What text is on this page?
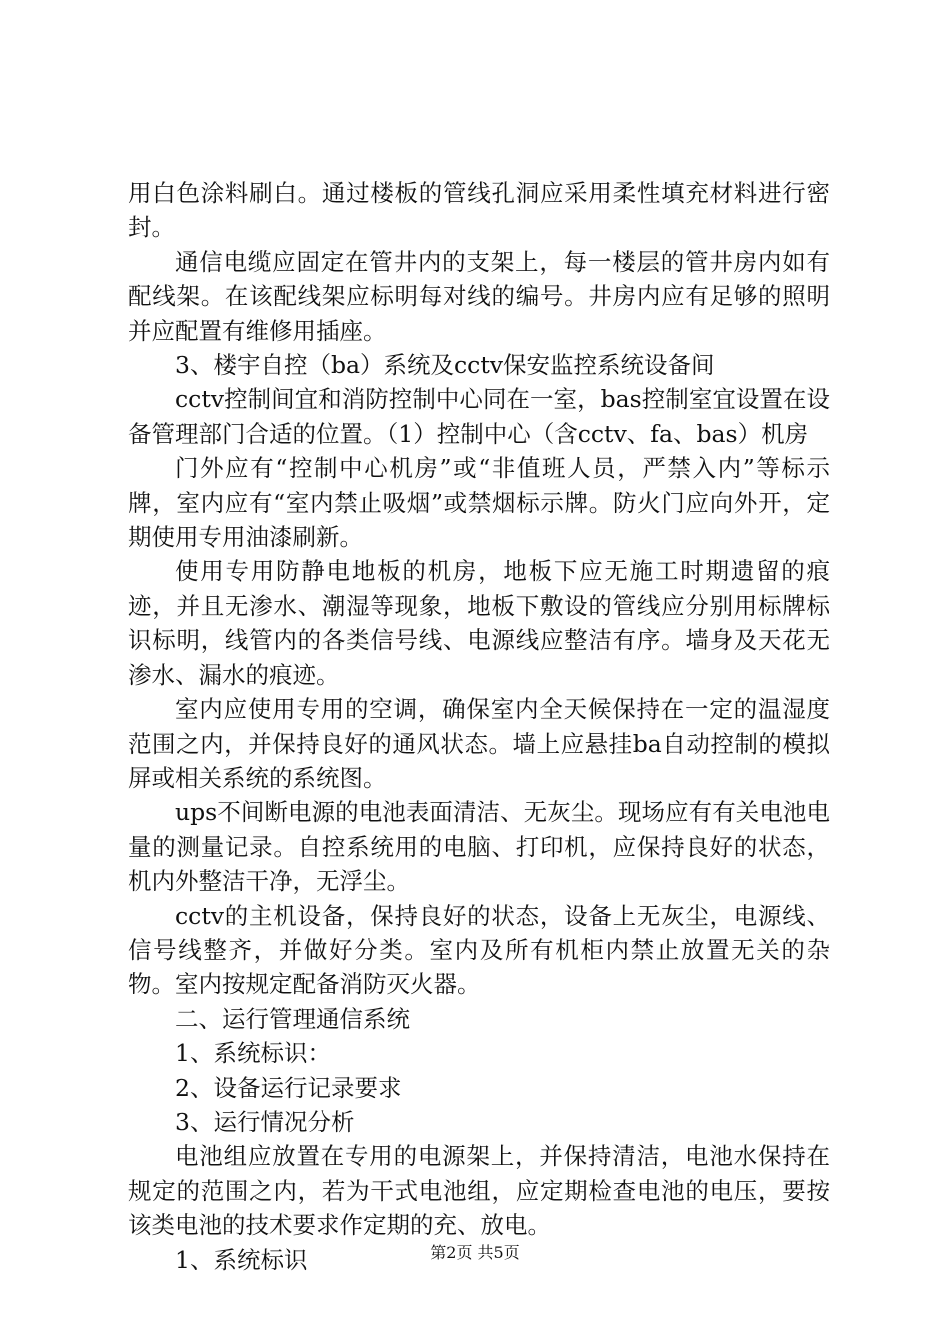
用白色涂料刷白。通过楼板的管线孔洞应采用柔性填充材料进行密封。

通信电缆应固定在管井内的支架上，每一楼层的管井房内如有配线架。在该配线架应标明每对线的编号。井房内应有足够的照明并应配置有维修用插座。

3、楼宇自控（ba）系统及cctv保安监控系统设备间

cctv控制间宜和消防控制中心同在一室，bas控制室宜设置在设备管理部门合适的位置。（1）控制中心（含cctv、fa、bas）机房

门外应有“控制中心机房”或“非值班人员，严禁入内”等标示牌，室内应有“室内禁止吸烟”或禁烟标示牌。防火门应向外开，定期使用专用油漆刷新。

使用专用防静电地板的机房，地板下应无施工时期遗留的痕迹，并且无渗水、潮湿等现象，地板下敷设的管线应分别用标牌标识标明，线管内的各类信号线、电源线应整洁有序。墙身及天花无渗水、漏水的痕迹。

室内应使用专用的空调，确保室内全天候保持在一定的温湿度范围之内，并保持良好的通风状态。墙上应悬挂ba自动控制的模拟屏或相关系统的系统图。

ups不间断电源的电池表面清洁、无灰尘。现场应有有关电池电量的测量记录。自控系统用的电脑、打印机，应保持良好的状态，机内外整洁干净，无浮尘。

cctv的主机设备，保持良好的状态，设备上无灰尘，电源线、信号线整齐，并做好分类。室内及所有机柜内禁止放置无关的杂物。室内按规定配备消防灭火器。

二、运行管理通信系统

1、系统标识：

2、设备运行记录要求

3、运行情况分析

电池组应放置在专用的电源架上，并保持清洁，电池水保持在规定的范围之内，若为干式电池组，应定期检查电池的电压，要按该类电池的技术要求作定期的充、放电。

1、系统标识	第2页 共5页
